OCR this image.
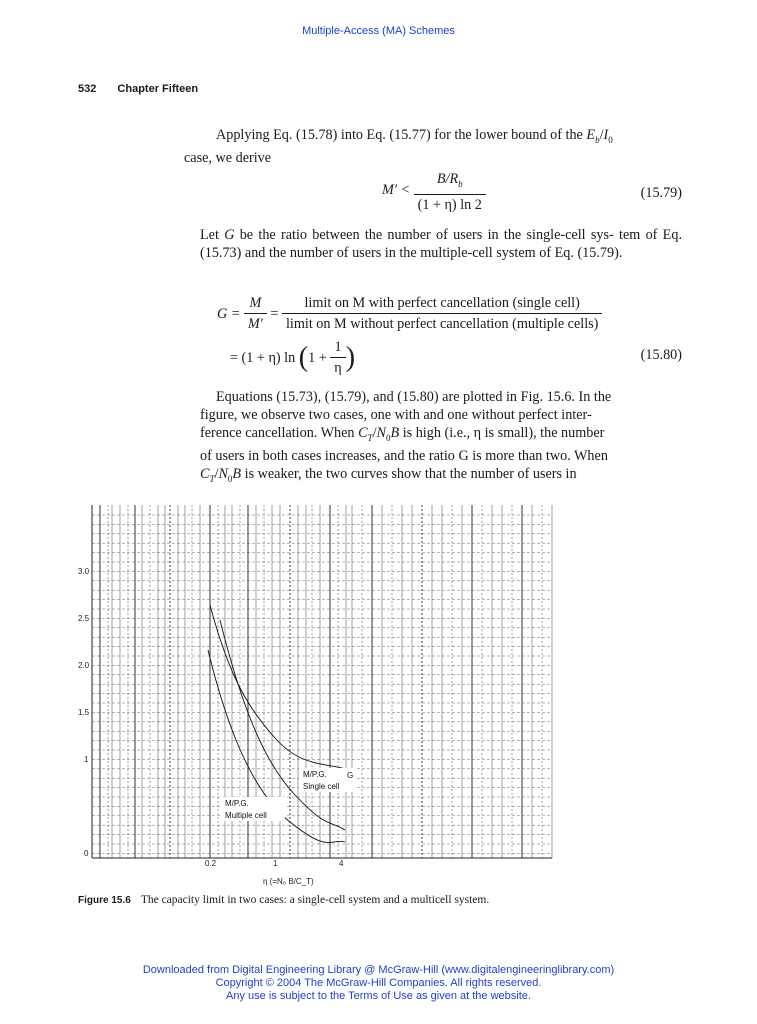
Multiple-Access (MA) Schemes
532 Chapter Fifteen
Applying Eq. (15.78) into Eq. (15.77) for the lower bound of the $E_b/I_0$
case, we derive
$M' < \frac{B/R_b}{(1 + \eta) \ln 2}$	(15.79)
Let G be the ratio between the number of users in the single-cell sys- tem of Eq. (15.73) and the number of users in the multiple-cell system of Eq. (15.79).
$G = \frac{M}{M'} = \frac{\text{limit on M with perfect cancellation (single cell)}}{\text{limit on M without perfect cancellation (multiple cells)}}$
= (1 + η) $\ln (1 + \frac{1}{\eta}$ )	(15.80)
Equations (15.73), (15.79), and (15.80) are plotted in Fig. 15.6. In the
figure, we observe two cases, one with and one without perfect inter-
ference cancellation. When $C_T/N_0B$ is high (i.e., η is small), the number
of users in both cases increases, and the ratio G is more than two. When
$C_T/N_0B$ is weaker, the two curves show that the number of users in
3.0
2.5
2.0
1.5
1
0
0.2	1	4
η (=N₀ B/C_T)
G
M/P.G.
Single cell
M/P.G.
Multiple cell
Figure 15.6 The capacity limit in two cases: a single-cell system and a multicell system.
Downloaded from Digital Engineering Library @ McGraw-Hill (www.digitalengineeringlibrary.com)
Copyright © 2004 The McGraw-Hill Companies. All rights reserved.
Any use is subject to the Terms of Use as given at the website.
